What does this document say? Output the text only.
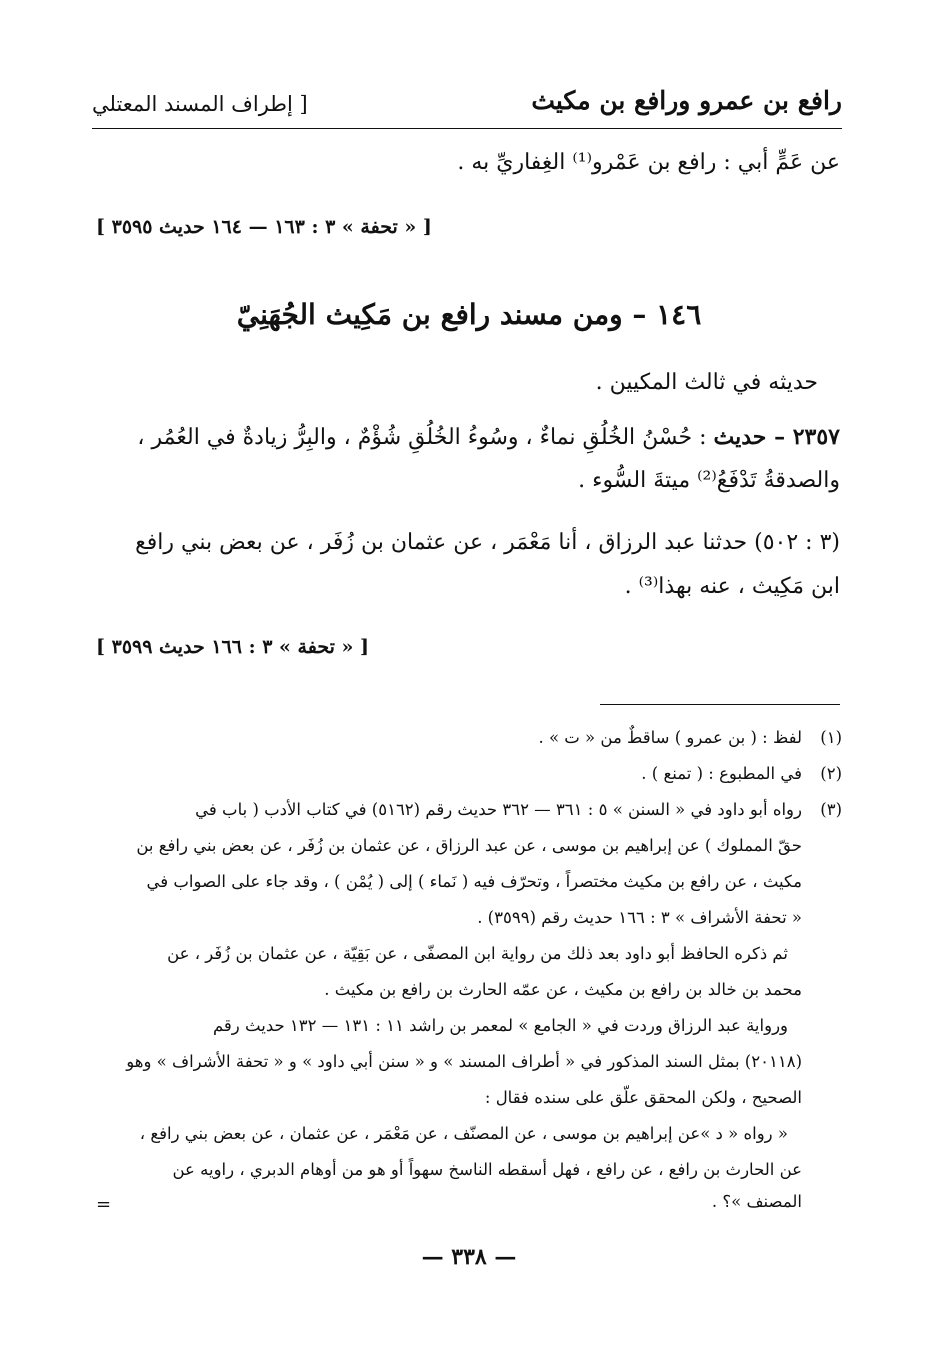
رافع بن عمرو ورافع بن مكيث
[ إطراف المسند المعتلي
عن عَمٍّ أبي : رافع بن عَمْرو⁽¹⁾ الغِفاريِّ به .
[ « تحفة » ٣ : ١٦٣ — ١٦٤ حديث ٣٥٩٥ ]
١٤٦ – ومن مسند رافع بن مَكِيث الجُهَنِيّ
حديثه في ثالث المكيين .
٢٣٥٧ – حديث : حُسْنُ الخُلُقِ نماءٌ ، وسُوءُ الخُلُقِ شُؤْمٌ ، والبِرُّ زيادةٌ في العُمُر ،
والصدقةُ تَدْفَعُ⁽²⁾ ميتةَ السُّوء .
(٣ : ٥٠٢) حدثنا عبد الرزاق ، أنا مَعْمَر ، عن عثمان بن زُفَر ، عن بعض بني رافع
ابن مَكِيث ، عنه بهذا⁽³⁾ .
[ « تحفة » ٣ : ١٦٦ حديث ٣٥٩٩ ]
(١)
لفظ : ( بن عمرو ) ساقطٌ من « ت » .
(٢)
في المطبوع : ( تمنع ) .
(٣)
رواه أبو داود في « السنن » ٥ : ٣٦١ — ٣٦٢ حديث رقم (٥١٦٢) في كتاب الأدب ( باب في
حقّ المملوك ) عن إبراهيم بن موسى ، عن عبد الرزاق ، عن عثمان بن زُفَر ، عن بعض بني رافع بن
مكيث ، عن رافع بن مكيث مختصراً ، وتحرّف فيه ( نَماء ) إلى ( يُمْن ) ، وقد جاء على الصواب في
« تحفة الأشراف » ٣ : ١٦٦ حديث رقم (٣٥٩٩) .
ثم ذكره الحافظ أبو داود بعد ذلك من رواية ابن المصفّى ، عن بَقِيّة ، عن عثمان بن زُفَر ، عن
محمد بن خالد بن رافع بن مكيث ، عن عمّه الحارث بن رافع بن مكيث .
ورواية عبد الرزاق وردت في « الجامع » لمعمر بن راشد ١١ : ١٣١ — ١٣٢ حديث رقم
(٢٠١١٨) بمثل السند المذكور في « أطراف المسند » و « سنن أبي داود » و « تحفة الأشراف » وهو
الصحيح ، ولكن المحقق علّق على سنده فقال :
« رواه « د »عن إبراهيم بن موسى ، عن المصنّف ، عن مَعْمَر ، عن عثمان ، عن بعض بني رافع ،
عن الحارث بن رافع ، عن رافع ، فهل أسقطه الناسخ سهواً أو هو من أوهام الدبري ، راويه عن
المصنف »؟ .
=
— ٣٣٨ —
